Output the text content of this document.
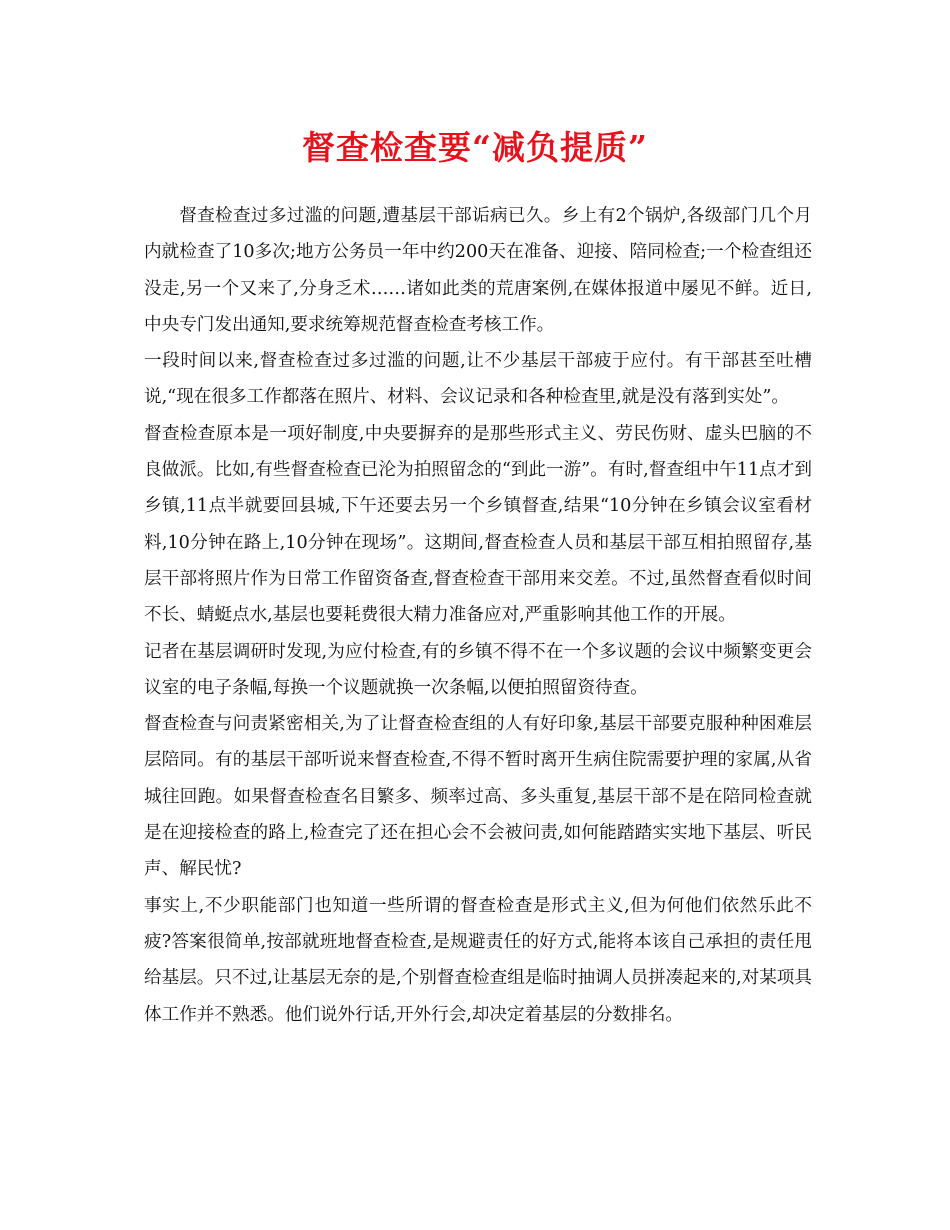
督查检查要“减负提质”

督查检查过多过滥的问题,遭基层干部诟病已久。乡上有2个锅炉,各级部门几个月内就检查了10多次;地方公务员一年中约200天在准备、迎接、陪同检查;一个检查组还没走,另一个又来了,分身乏术……诸如此类的荒唐案例,在媒体报道中屡见不鲜。近日,中央专门发出通知,要求统筹规范督查检查考核工作。

一段时间以来,督查检查过多过滥的问题,让不少基层干部疲于应付。有干部甚至吐槽说,“现在很多工作都落在照片、材料、会议记录和各种检查里,就是没有落到实处”。

督查检查原本是一项好制度,中央要摒弃的是那些形式主义、劳民伤财、虚头巴脑的不良做派。比如,有些督查检查已沦为拍照留念的“到此一游”。有时,督查组中午11点才到乡镇,11点半就要回县城,下午还要去另一个乡镇督查,结果“10分钟在乡镇会议室看材料,10分钟在路上,10分钟在现场”。这期间,督查检查人员和基层干部互相拍照留存,基层干部将照片作为日常工作留资备查,督查检查干部用来交差。不过,虽然督查看似时间不长、蜻蜓点水,基层也要耗费很大精力准备应对,严重影响其他工作的开展。

记者在基层调研时发现,为应付检查,有的乡镇不得不在一个多议题的会议中频繁变更会议室的电子条幅,每换一个议题就换一次条幅,以便拍照留资待查。

督查检查与问责紧密相关,为了让督查检查组的人有好印象,基层干部要克服种种困难层层陪同。有的基层干部听说来督查检查,不得不暂时离开生病住院需要护理的家属,从省城往回跑。如果督查检查名目繁多、频率过高、多头重复,基层干部不是在陪同检查就是在迎接检查的路上,检查完了还在担心会不会被问责,如何能踏踏实实地下基层、听民声、解民忧?

事实上,不少职能部门也知道一些所谓的督查检查是形式主义,但为何他们依然乐此不疲?答案很简单,按部就班地督查检查,是规避责任的好方式,能将本该自己承担的责任甩给基层。只不过,让基层无奈的是,个别督查检查组是临时抽调人员拼凑起来的,对某项具体工作并不熟悉。他们说外行话,开外行会,却决定着基层的分数排名。
